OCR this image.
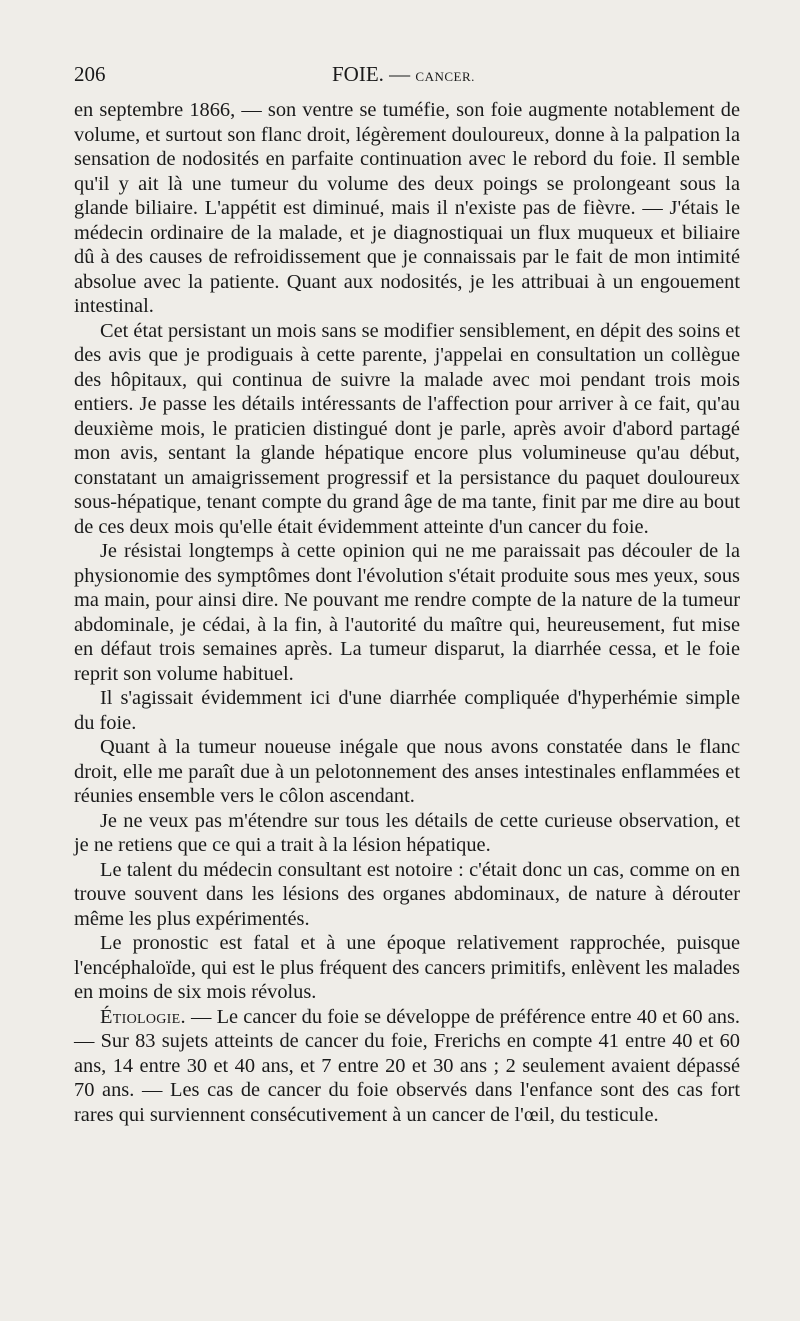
206	FOIE. — CANCER.

en septembre 1866, — son ventre se tuméfie, son foie augmente notablement de volume, et surtout son flanc droit, légèrement douloureux, donne à la palpation la sensation de nodosités en parfaite continuation avec le rebord du foie. Il semble qu'il y ait là une tumeur du volume des deux poings se prolongeant sous la glande biliaire. L'appétit est diminué, mais il n'existe pas de fièvre. — J'étais le médecin ordinaire de la malade, et je diagnostiquai un flux muqueux et biliaire dû à des causes de refroidissement que je connaissais par le fait de mon intimité absolue avec la patiente. Quant aux nodosités, je les attribuai à un engouement intestinal.

Cet état persistant un mois sans se modifier sensiblement, en dépit des soins et des avis que je prodiguais à cette parente, j'appelai en consultation un collègue des hôpitaux, qui continua de suivre la malade avec moi pendant trois mois entiers. Je passe les détails intéressants de l'affection pour arriver à ce fait, qu'au deuxième mois, le praticien distingué dont je parle, après avoir d'abord partagé mon avis, sentant la glande hépatique encore plus volumineuse qu'au début, constatant un amaigrissement progressif et la persistance du paquet douloureux sous-hépatique, tenant compte du grand âge de ma tante, finit par me dire au bout de ces deux mois qu'elle était évidemment atteinte d'un cancer du foie.

Je résistai longtemps à cette opinion qui ne me paraissait pas découler de la physionomie des symptômes dont l'évolution s'était produite sous mes yeux, sous ma main, pour ainsi dire. Ne pouvant me rendre compte de la nature de la tumeur abdominale, je cédai, à la fin, à l'autorité du maître qui, heureusement, fut mise en défaut trois semaines après. La tumeur disparut, la diarrhée cessa, et le foie reprit son volume habituel.

Il s'agissait évidemment ici d'une diarrhée compliquée d'hyperhémie simple du foie.

Quant à la tumeur noueuse inégale que nous avons constatée dans le flanc droit, elle me paraît due à un pelotonnement des anses intestinales enflammées et réunies ensemble vers le côlon ascendant.

Je ne veux pas m'étendre sur tous les détails de cette curieuse observation, et je ne retiens que ce qui a trait à la lésion hépatique.

Le talent du médecin consultant est notoire : c'était donc un cas, comme on en trouve souvent dans les lésions des organes abdominaux, de nature à dérouter même les plus expérimentés.

Le pronostic est fatal et à une époque relativement rapprochée, puisque l'encéphaloïde, qui est le plus fréquent des cancers primitifs, enlèvent les malades en moins de six mois révolus.

Étiologie. — Le cancer du foie se développe de préférence entre 40 et 60 ans. — Sur 83 sujets atteints de cancer du foie, Frerichs en compte 41 entre 40 et 60 ans, 14 entre 30 et 40 ans, et 7 entre 20 et 30 ans ; 2 seulement avaient dépassé 70 ans. — Les cas de cancer du foie observés dans l'enfance sont des cas fort rares qui surviennent consécutivement à un cancer de l'œil, du testicule.
